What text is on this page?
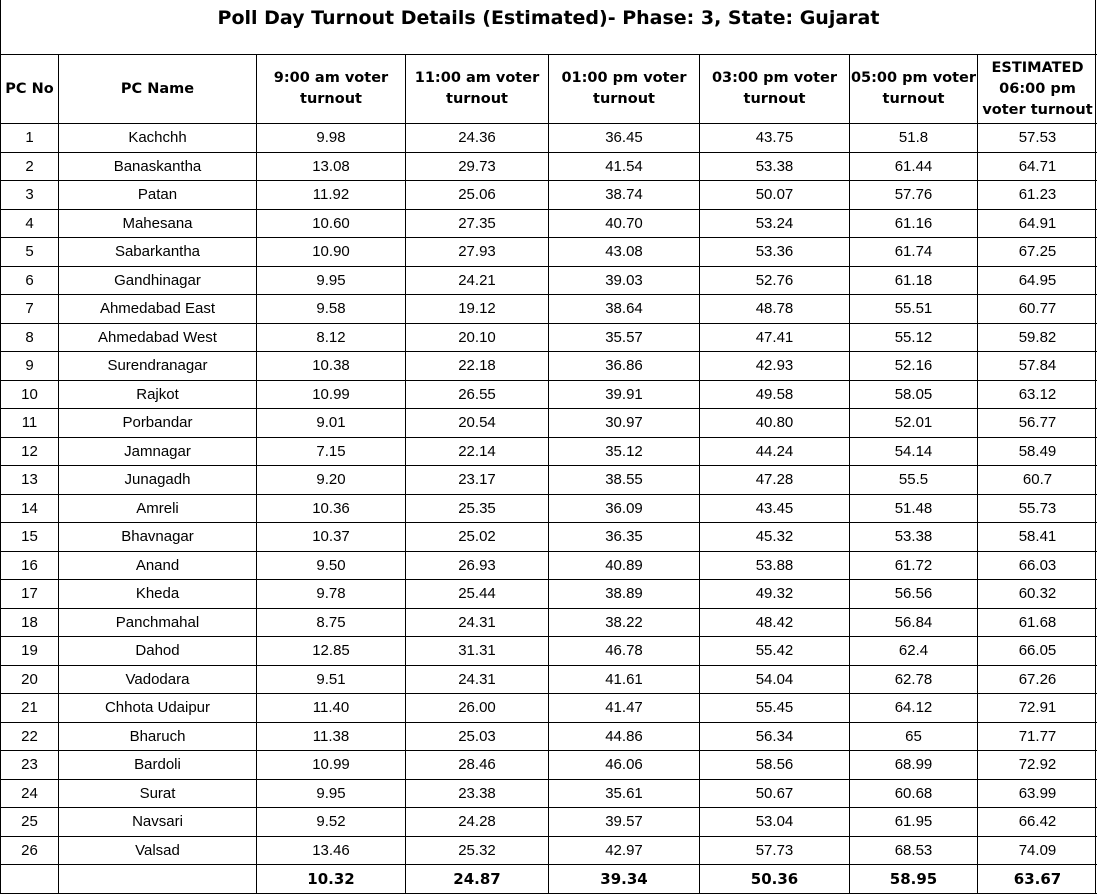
Poll Day Turnout Details (Estimated)- Phase: 3, State: Gujarat
PC No	PC Name	9:00 am voter turnout	11:00 am voter turnout	01:00 pm voter turnout	03:00 pm voter turnout	05:00 pm voter turnout	ESTIMATED 06:00 pm voter turnout
1	Kachchh	9.98	24.36	36.45	43.75	51.8	57.53
2	Banaskantha	13.08	29.73	41.54	53.38	61.44	64.71
3	Patan	11.92	25.06	38.74	50.07	57.76	61.23
4	Mahesana	10.60	27.35	40.70	53.24	61.16	64.91
5	Sabarkantha	10.90	27.93	43.08	53.36	61.74	67.25
6	Gandhinagar	9.95	24.21	39.03	52.76	61.18	64.95
7	Ahmedabad East	9.58	19.12	38.64	48.78	55.51	60.77
8	Ahmedabad West	8.12	20.10	35.57	47.41	55.12	59.82
9	Surendranagar	10.38	22.18	36.86	42.93	52.16	57.84
10	Rajkot	10.99	26.55	39.91	49.58	58.05	63.12
11	Porbandar	9.01	20.54	30.97	40.80	52.01	56.77
12	Jamnagar	7.15	22.14	35.12	44.24	54.14	58.49
13	Junagadh	9.20	23.17	38.55	47.28	55.5	60.7
14	Amreli	10.36	25.35	36.09	43.45	51.48	55.73
15	Bhavnagar	10.37	25.02	36.35	45.32	53.38	58.41
16	Anand	9.50	26.93	40.89	53.88	61.72	66.03
17	Kheda	9.78	25.44	38.89	49.32	56.56	60.32
18	Panchmahal	8.75	24.31	38.22	48.42	56.84	61.68
19	Dahod	12.85	31.31	46.78	55.42	62.4	66.05
20	Vadodara	9.51	24.31	41.61	54.04	62.78	67.26
21	Chhota Udaipur	11.40	26.00	41.47	55.45	64.12	72.91
22	Bharuch	11.38	25.03	44.86	56.34	65	71.77
23	Bardoli	10.99	28.46	46.06	58.56	68.99	72.92
24	Surat	9.95	23.38	35.61	50.67	60.68	63.99
25	Navsari	9.52	24.28	39.57	53.04	61.95	66.42
26	Valsad	13.46	25.32	42.97	57.73	68.53	74.09
		10.32	24.87	39.34	50.36	58.95	63.67
